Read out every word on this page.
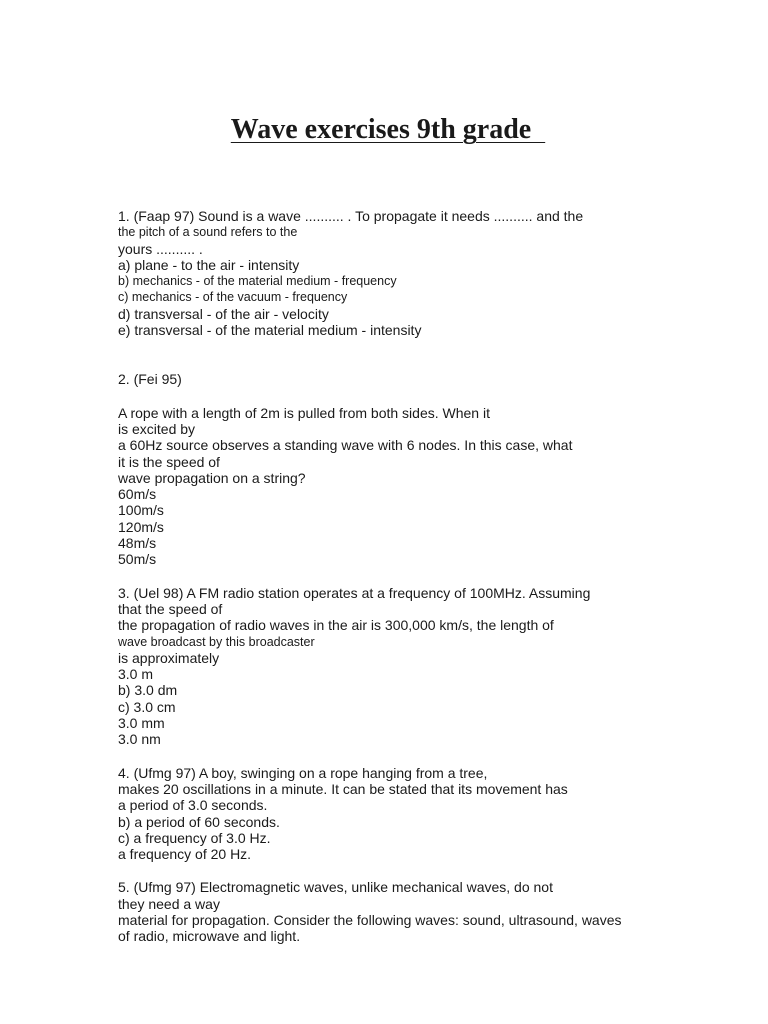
Wave exercises 9th grade
1. (Faap 97) Sound is a wave .......... . To propagate it needs .......... and the
the pitch of a sound refers to the
yours .......... .
a) plane - to the air - intensity
b) mechanics - of the material medium - frequency
c) mechanics - of the vacuum - frequency
d) transversal - of the air - velocity
e) transversal - of the material medium - intensity
2. (Fei 95)
A rope with a length of 2m is pulled from both sides. When it
is excited by
a 60Hz source observes a standing wave with 6 nodes. In this case, what
it is the speed of
wave propagation on a string?
60m/s
100m/s
120m/s
48m/s
50m/s
3. (Uel 98) A FM radio station operates at a frequency of 100MHz. Assuming
that the speed of
the propagation of radio waves in the air is 300,000 km/s, the length of
wave broadcast by this broadcaster
is approximately
3.0 m
b) 3.0 dm
c) 3.0 cm
3.0 mm
3.0 nm
4. (Ufmg 97) A boy, swinging on a rope hanging from a tree,
makes 20 oscillations in a minute. It can be stated that its movement has
a period of 3.0 seconds.
b) a period of 60 seconds.
c) a frequency of 3.0 Hz.
a frequency of 20 Hz.
5. (Ufmg 97) Electromagnetic waves, unlike mechanical waves, do not
they need a way
material for propagation. Consider the following waves: sound, ultrasound, waves
of radio, microwave and light.
